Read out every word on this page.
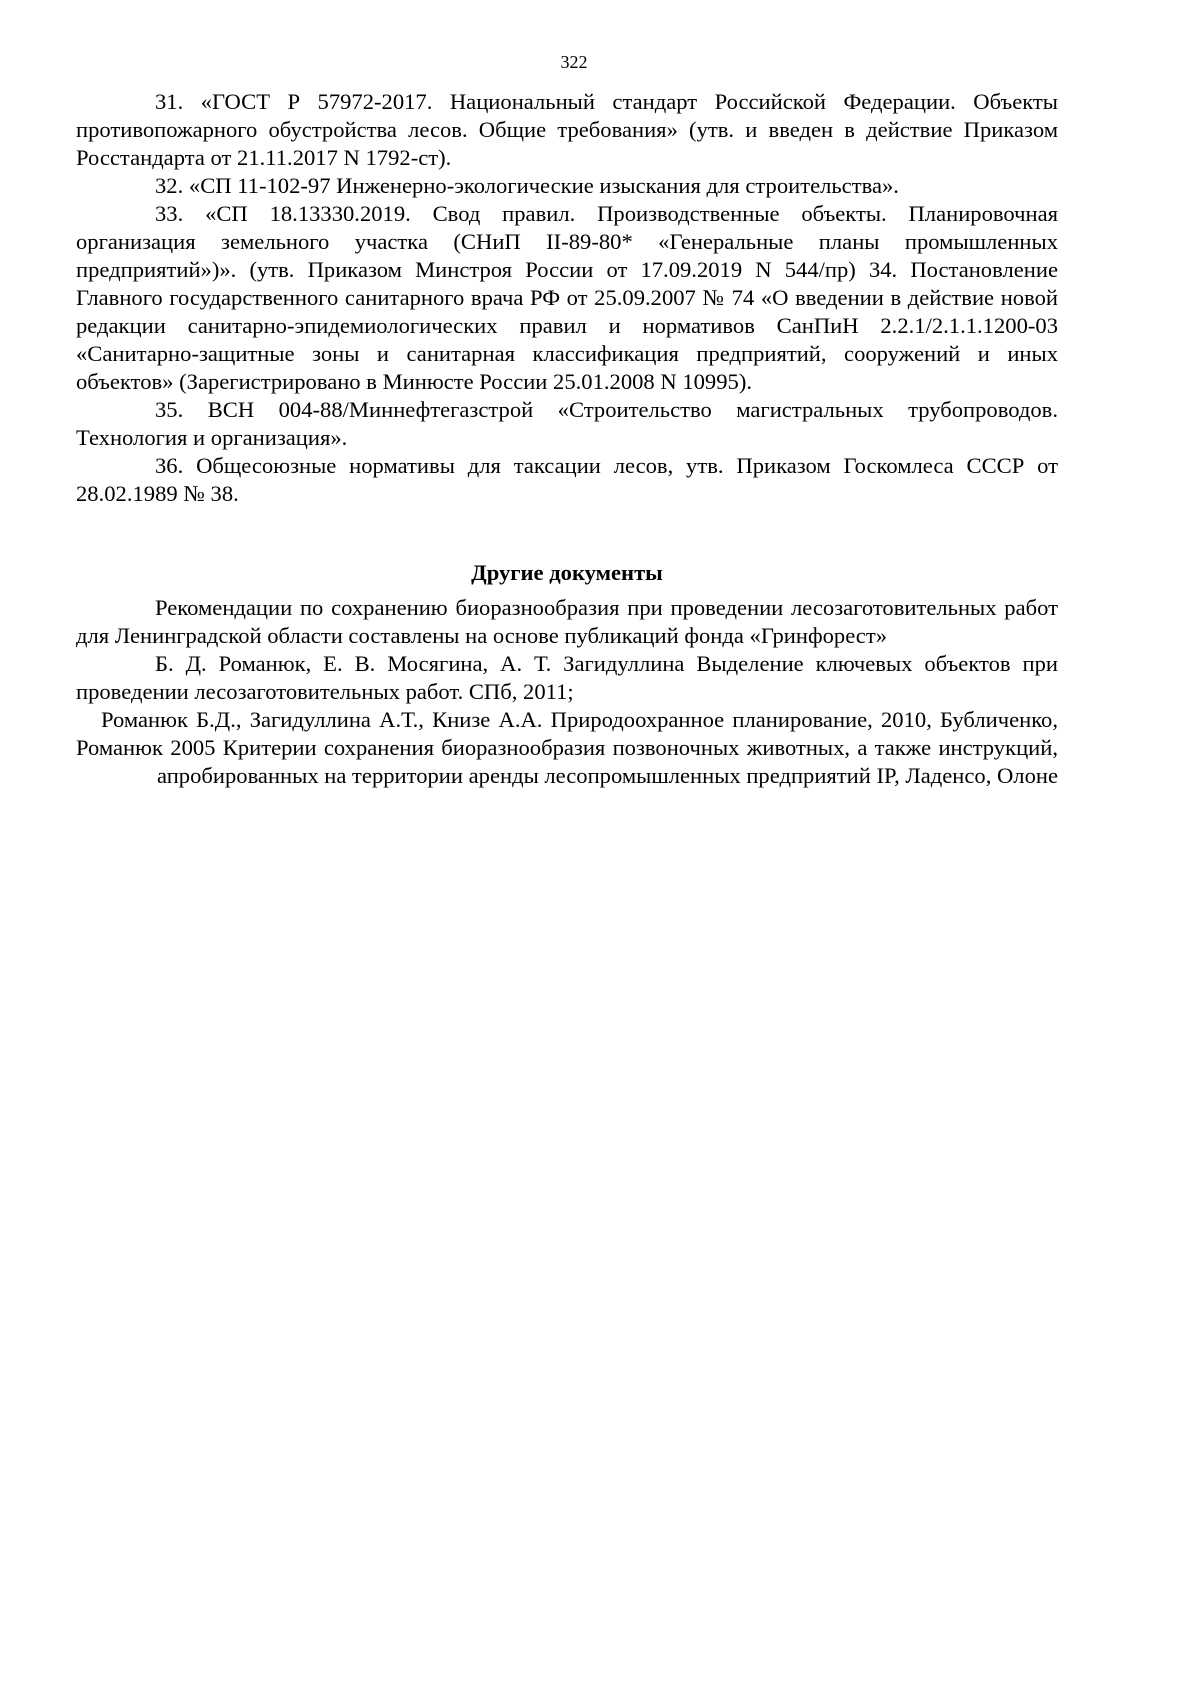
322

31. «ГОСТ Р 57972-2017. Национальный стандарт Российской Федерации. Объекты противопожарного обустройства лесов. Общие требования» (утв. и введен в действие Приказом Росстандарта от 21.11.2017 N 1792-ст).

32. «СП 11-102-97 Инженерно-экологические изыскания для строительства».

33. «СП 18.13330.2019. Свод правил. Производственные объекты. Планировочная организация земельного участка (СНиП II-89-80* «Генеральные планы промышленных предприятий»)». (утв. Приказом Минстроя России от 17.09.2019 N 544/пр) 34. Постановление Главного государственного санитарного врача РФ от 25.09.2007 № 74 «О введении в действие новой редакции санитарно-эпидемиологических правил и нормативов СанПиН 2.2.1/2.1.1.1200-03 «Санитарно-защитные зоны и санитарная классификация предприятий, сооружений и иных объектов» (Зарегистрировано в Минюсте России 25.01.2008 N 10995).

35. ВСН 004-88/Миннефтегазстрой «Строительство магистральных трубопроводов. Технология и организация».

36. Общесоюзные нормативы для таксации лесов, утв. Приказом Госкомлеса СССР от 28.02.1989 № 38.

Другие документы

Рекомендации по сохранению биоразнообразия при проведении лесозаготовительных работ для Ленинградской области составлены на основе публикаций фонда «Гринфорест»

Б. Д. Романюк, Е. В. Мосягина, А. Т. Загидуллина Выделение ключевых объектов при проведении лесозаготовительных работ. СПб, 2011;

Романюк Б.Д., Загидуллина А.Т., Книзе А.А. Природоохранное планирование, 2010, Бубличенко, Романюк 2005 Критерии сохранения биоразнообразия позвоночных животных, а также инструкций, апробированных на территории аренды лесопромышленных предприятий IP, Ладенсо, Олоне
